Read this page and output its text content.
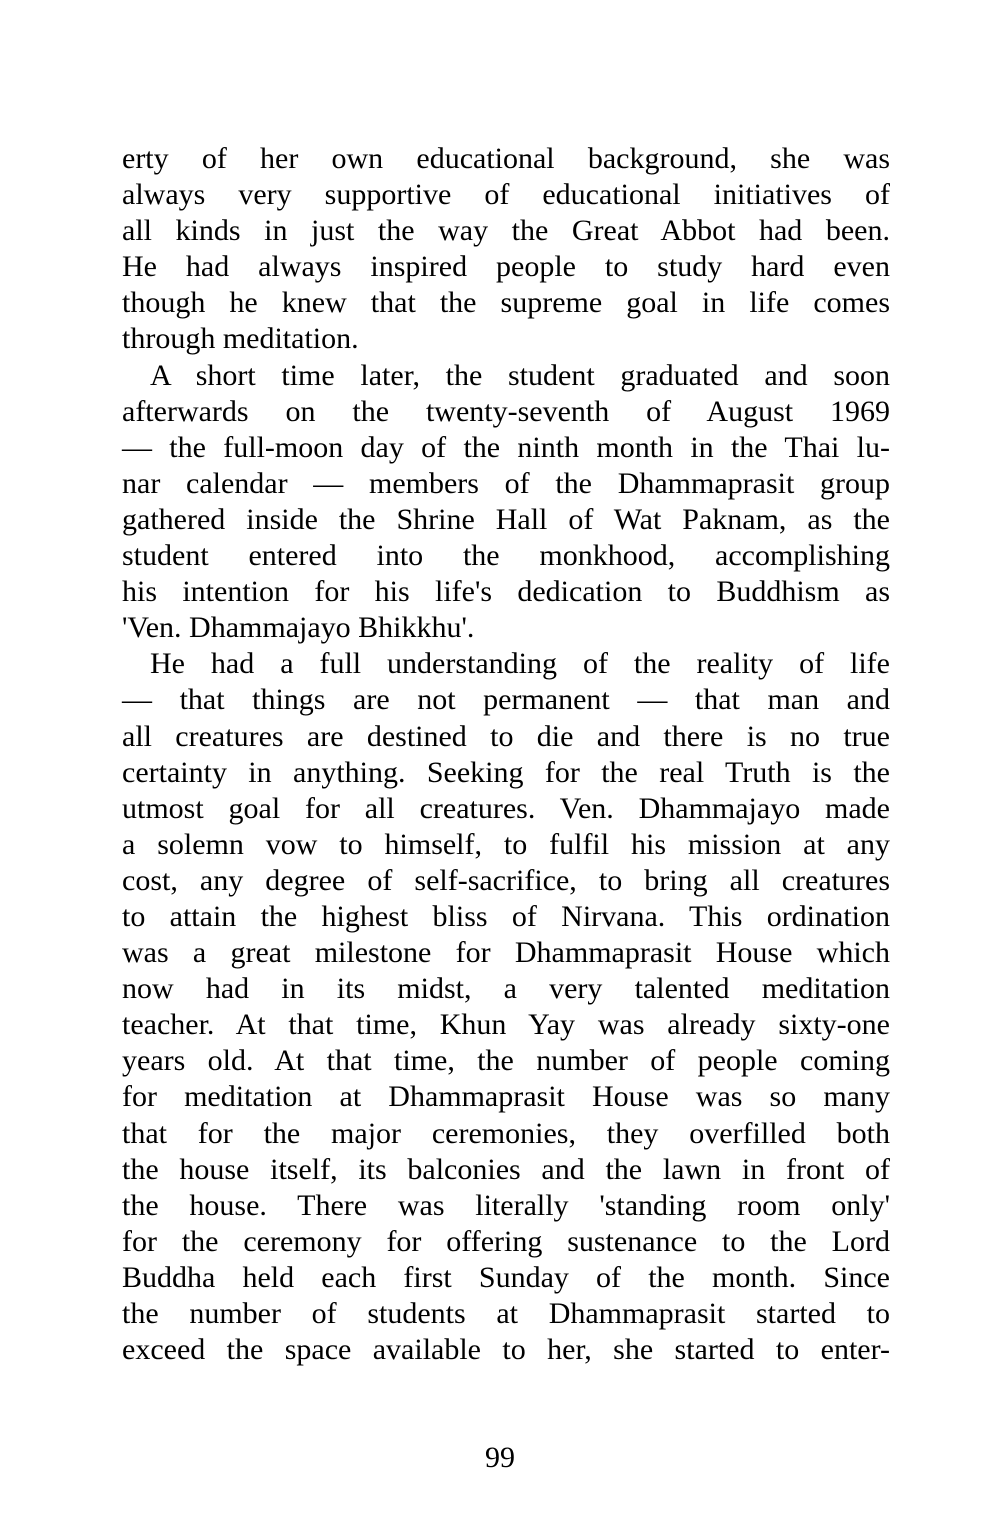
erty of her own educational background, she was
always very supportive of educational initiatives of
all kinds in just the way the Great Abbot had been.
He had always inspired people to study hard even
though he knew that the supreme goal in life comes
through meditation.
A short time later, the student graduated and soon
afterwards on the twenty-seventh of August 1969
— the full-moon day of the ninth month in the Thai lu-
nar calendar — members of the Dhammaprasit group
gathered inside the Shrine Hall of Wat Paknam, as the
student entered into the monkhood, accomplishing
his intention for his life's dedication to Buddhism as
'Ven. Dhammajayo Bhikkhu'.
He had a full understanding of the reality of life
— that things are not permanent — that man and
all creatures are destined to die and there is no true
certainty in anything. Seeking for the real Truth is the
utmost goal for all creatures. Ven. Dhammajayo made
a solemn vow to himself, to fulfil his mission at any
cost, any degree of self-sacrifice, to bring all creatures
to attain the highest bliss of Nirvana. This ordination
was a great milestone for Dhammaprasit House which
now had in its midst, a very talented meditation
teacher. At that time, Khun Yay was already sixty-one
years old. At that time, the number of people coming
for meditation at Dhammaprasit House was so many
that for the major ceremonies, they overfilled both
the house itself, its balconies and the lawn in front of
the house. There was literally 'standing room only'
for the ceremony for offering sustenance to the Lord
Buddha held each first Sunday of the month. Since
the number of students at Dhammaprasit started to
exceed the space available to her, she started to enter-
99
